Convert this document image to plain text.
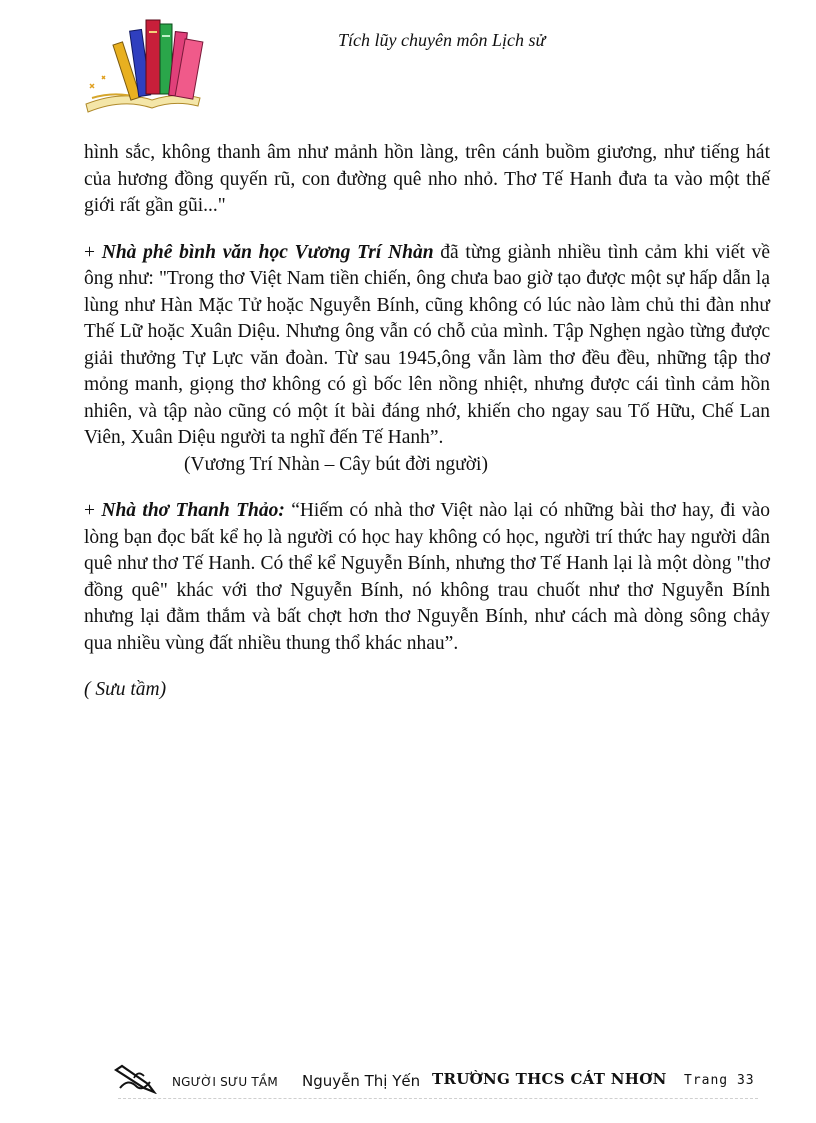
Tích lũy chuyên môn Lịch sử

hình sắc, không thanh âm như mảnh hồn làng, trên cánh buồm giương, như tiếng hát của hương đồng quyến rũ, con đường quê nho nhỏ. Thơ Tế Hanh đưa ta vào một thế giới rất gần gũi..."

+ Nhà phê bình văn học Vương Trí Nhàn đã từng giành nhiều tình cảm khi viết về ông như: "Trong thơ Việt Nam tiền chiến, ông chưa bao giờ tạo được một sự hấp dẫn lạ lùng như Hàn Mặc Tử hoặc Nguyễn Bính, cũng không có lúc nào làm chủ thi đàn như Thế Lữ hoặc Xuân Diệu. Nhưng ông vẫn có chỗ của mình. Tập Nghẹn ngào từng được giải thưởng Tự Lực văn đoàn. Từ sau 1945,ông vẫn làm thơ đều đều, những tập thơ mỏng manh, giọng thơ không có gì bốc lên nồng nhiệt, nhưng được cái tình cảm hồn nhiên, và tập nào cũng có một ít bài đáng nhớ, khiến cho ngay sau Tố Hữu, Chế Lan Viên, Xuân Diệu người ta nghĩ đến Tế Hanh”.

(Vương Trí Nhàn – Cây bút đời người)

+ Nhà thơ Thanh Thảo: “Hiếm có nhà thơ Việt nào lại có những bài thơ hay, đi vào lòng bạn đọc bất kể họ là người có học hay không có học, người trí thức hay người dân quê như thơ Tế Hanh. Có thể kể Nguyễn Bính, nhưng thơ Tế Hanh lại là một dòng "thơ đồng quê" khác với thơ Nguyễn Bính, nó không trau chuốt như thơ Nguyễn Bính nhưng lại đằm thắm và bất chợt hơn thơ Nguyễn Bính, như cách mà dòng sông chảy qua nhiều vùng đất nhiều thung thổ khác nhau”.

( Sưu tầm)

NGƯỜI SƯU TẦM Nguyễn Thị Yến TRƯỜNG THCS CÁT NHƠN Trang 33
